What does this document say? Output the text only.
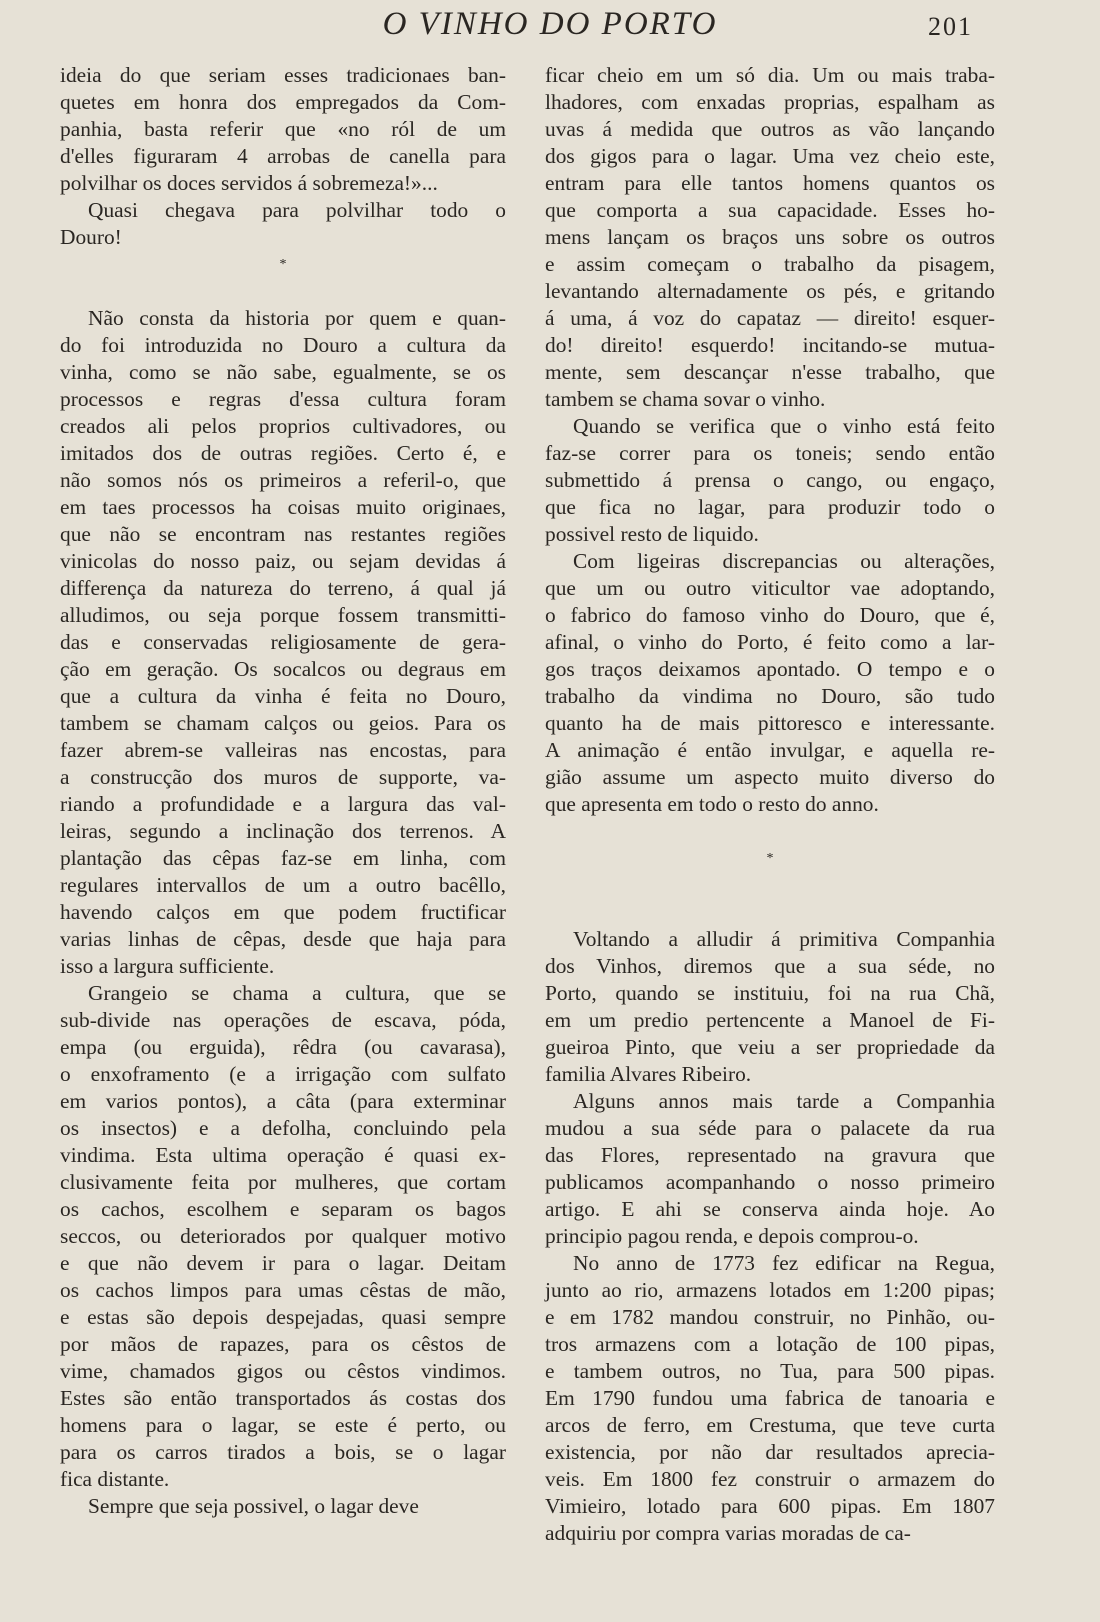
O VINHO DO PORTO	201
ideia do que seriam esses tradicionaes ban-
quetes em honra dos empregados da Com-
panhia, basta referir que «no ról de um
d'elles figuraram 4 arrobas de canella para
polvilhar os doces servidos á sobremeza!»...
Quasi chegava para polvilhar todo o
Douro!
*
Não consta da historia por quem e quan-
do foi introduzida no Douro a cultura da
vinha, como se não sabe, egualmente, se os
processos e regras d'essa cultura foram
creados ali pelos proprios cultivadores, ou
imitados dos de outras regiões. Certo é, e
não somos nós os primeiros a referil-o, que
em taes processos ha coisas muito originaes,
que não se encontram nas restantes regiões
vinicolas do nosso paiz, ou sejam devidas á
differença da natureza do terreno, á qual já
alludimos, ou seja porque fossem transmitti-
das e conservadas religiosamente de gera-
ção em geração. Os socalcos ou degraus em
que a cultura da vinha é feita no Douro,
tambem se chamam calços ou geios. Para os
fazer abrem-se valleiras nas encostas, para
a construcção dos muros de supporte, va-
riando a profundidade e a largura das val-
leiras, segundo a inclinação dos terrenos. A
plantação das cêpas faz-se em linha, com
regulares intervallos de um a outro bacêllo,
havendo calços em que podem fructificar
varias linhas de cêpas, desde que haja para
isso a largura sufficiente.
Grangeio se chama a cultura, que se
sub-divide nas operações de escava, póda,
empa (ou erguida), rêdra (ou cavarasa),
o enxoframento (e a irrigação com sulfato
em varios pontos), a câta (para exterminar
os insectos) e a defolha, concluindo pela
vindima. Esta ultima operação é quasi ex-
clusivamente feita por mulheres, que cortam
os cachos, escolhem e separam os bagos
seccos, ou deteriorados por qualquer motivo
e que não devem ir para o lagar. Deitam
os cachos limpos para umas cêstas de mão,
e estas são depois despejadas, quasi sempre
por mãos de rapazes, para os cêstos de
vime, chamados gigos ou cêstos vindimos.
Estes são então transportados ás costas dos
homens para o lagar, se este é perto, ou
para os carros tirados a bois, se o lagar
fica distante.
Sempre que seja possivel, o lagar deve
ficar cheio em um só dia. Um ou mais traba-
lhadores, com enxadas proprias, espalham as
uvas á medida que outros as vão lançando
dos gigos para o lagar. Uma vez cheio este,
entram para elle tantos homens quantos os
que comporta a sua capacidade. Esses ho-
mens lançam os braços uns sobre os outros
e assim começam o trabalho da pisagem,
levantando alternadamente os pés, e gritando
á uma, á voz do capataz — direito! esquer-
do! direito! esquerdo! incitando-se mutua-
mente, sem descançar n'esse trabalho, que
tambem se chama sovar o vinho.
Quando se verifica que o vinho está feito
faz-se correr para os toneis; sendo então
submettido á prensa o cango, ou engaço,
que fica no lagar, para produzir todo o
possivel resto de liquido.
Com ligeiras discrepancias ou alterações,
que um ou outro viticultor vae adoptando,
o fabrico do famoso vinho do Douro, que é,
afinal, o vinho do Porto, é feito como a lar-
gos traços deixamos apontado. O tempo e o
trabalho da vindima no Douro, são tudo
quanto ha de mais pittoresco e interessante.
A animação é então invulgar, e aquella re-
gião assume um aspecto muito diverso do
que apresenta em todo o resto do anno.
*
Voltando a alludir á primitiva Companhia
dos Vinhos, diremos que a sua séde, no
Porto, quando se instituiu, foi na rua Chã,
em um predio pertencente a Manoel de Fi-
gueiroa Pinto, que veiu a ser propriedade da
familia Alvares Ribeiro.
Alguns annos mais tarde a Companhia
mudou a sua séde para o palacete da rua
das Flores, representado na gravura que
publicamos acompanhando o nosso primeiro
artigo. E ahi se conserva ainda hoje. Ao
principio pagou renda, e depois comprou-o.
No anno de 1773 fez edificar na Regua,
junto ao rio, armazens lotados em 1:200 pipas;
e em 1782 mandou construir, no Pinhão, ou-
tros armazens com a lotação de 100 pipas,
e tambem outros, no Tua, para 500 pipas.
Em 1790 fundou uma fabrica de tanoaria e
arcos de ferro, em Crestuma, que teve curta
existencia, por não dar resultados aprecia-
veis. Em 1800 fez construir o armazem do
Vimieiro, lotado para 600 pipas. Em 1807
adquiriu por compra varias moradas de ca-
